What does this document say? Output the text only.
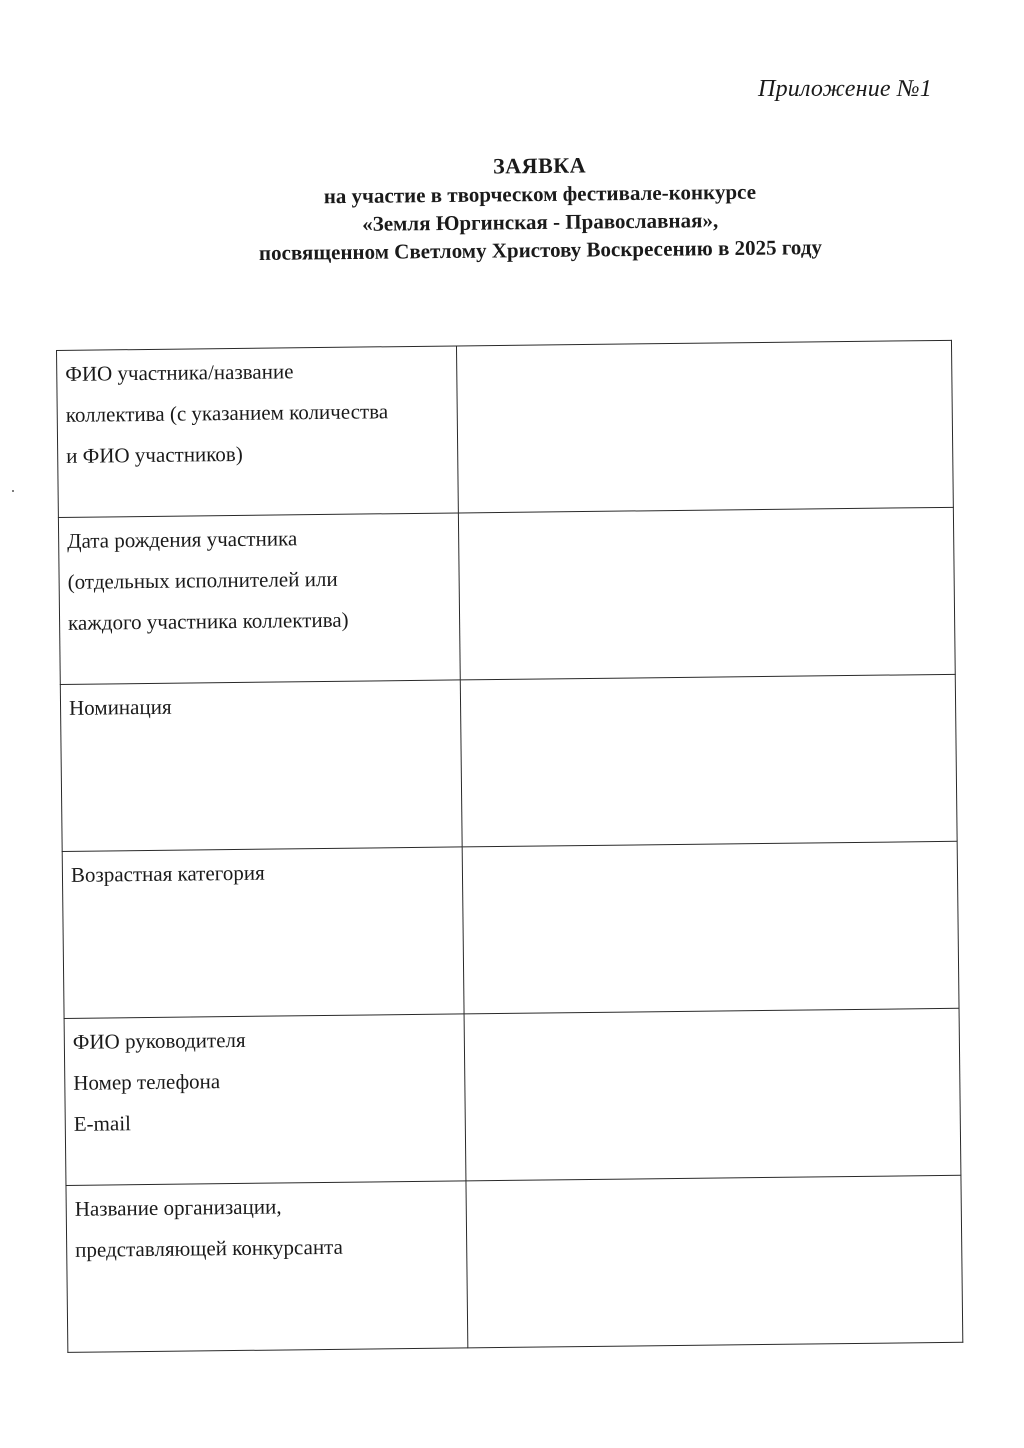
Приложение №1
ЗАЯВКА
на участие в творческом фестивале-конкурсе
«Земля Юргинская - Православная»,
посвященном Светлому Христову Воскресению в 2025 году
ФИО участника/название
коллектива (с указанием количества
и ФИО участников)	

Дата рождения участника
(отдельных исполнителей или
каждого участника коллектива)	

Номинация	

Возрастная категория	

ФИО руководителя
Номер телефона
E-mail	

Название организации,
представляющей конкурсанта	
